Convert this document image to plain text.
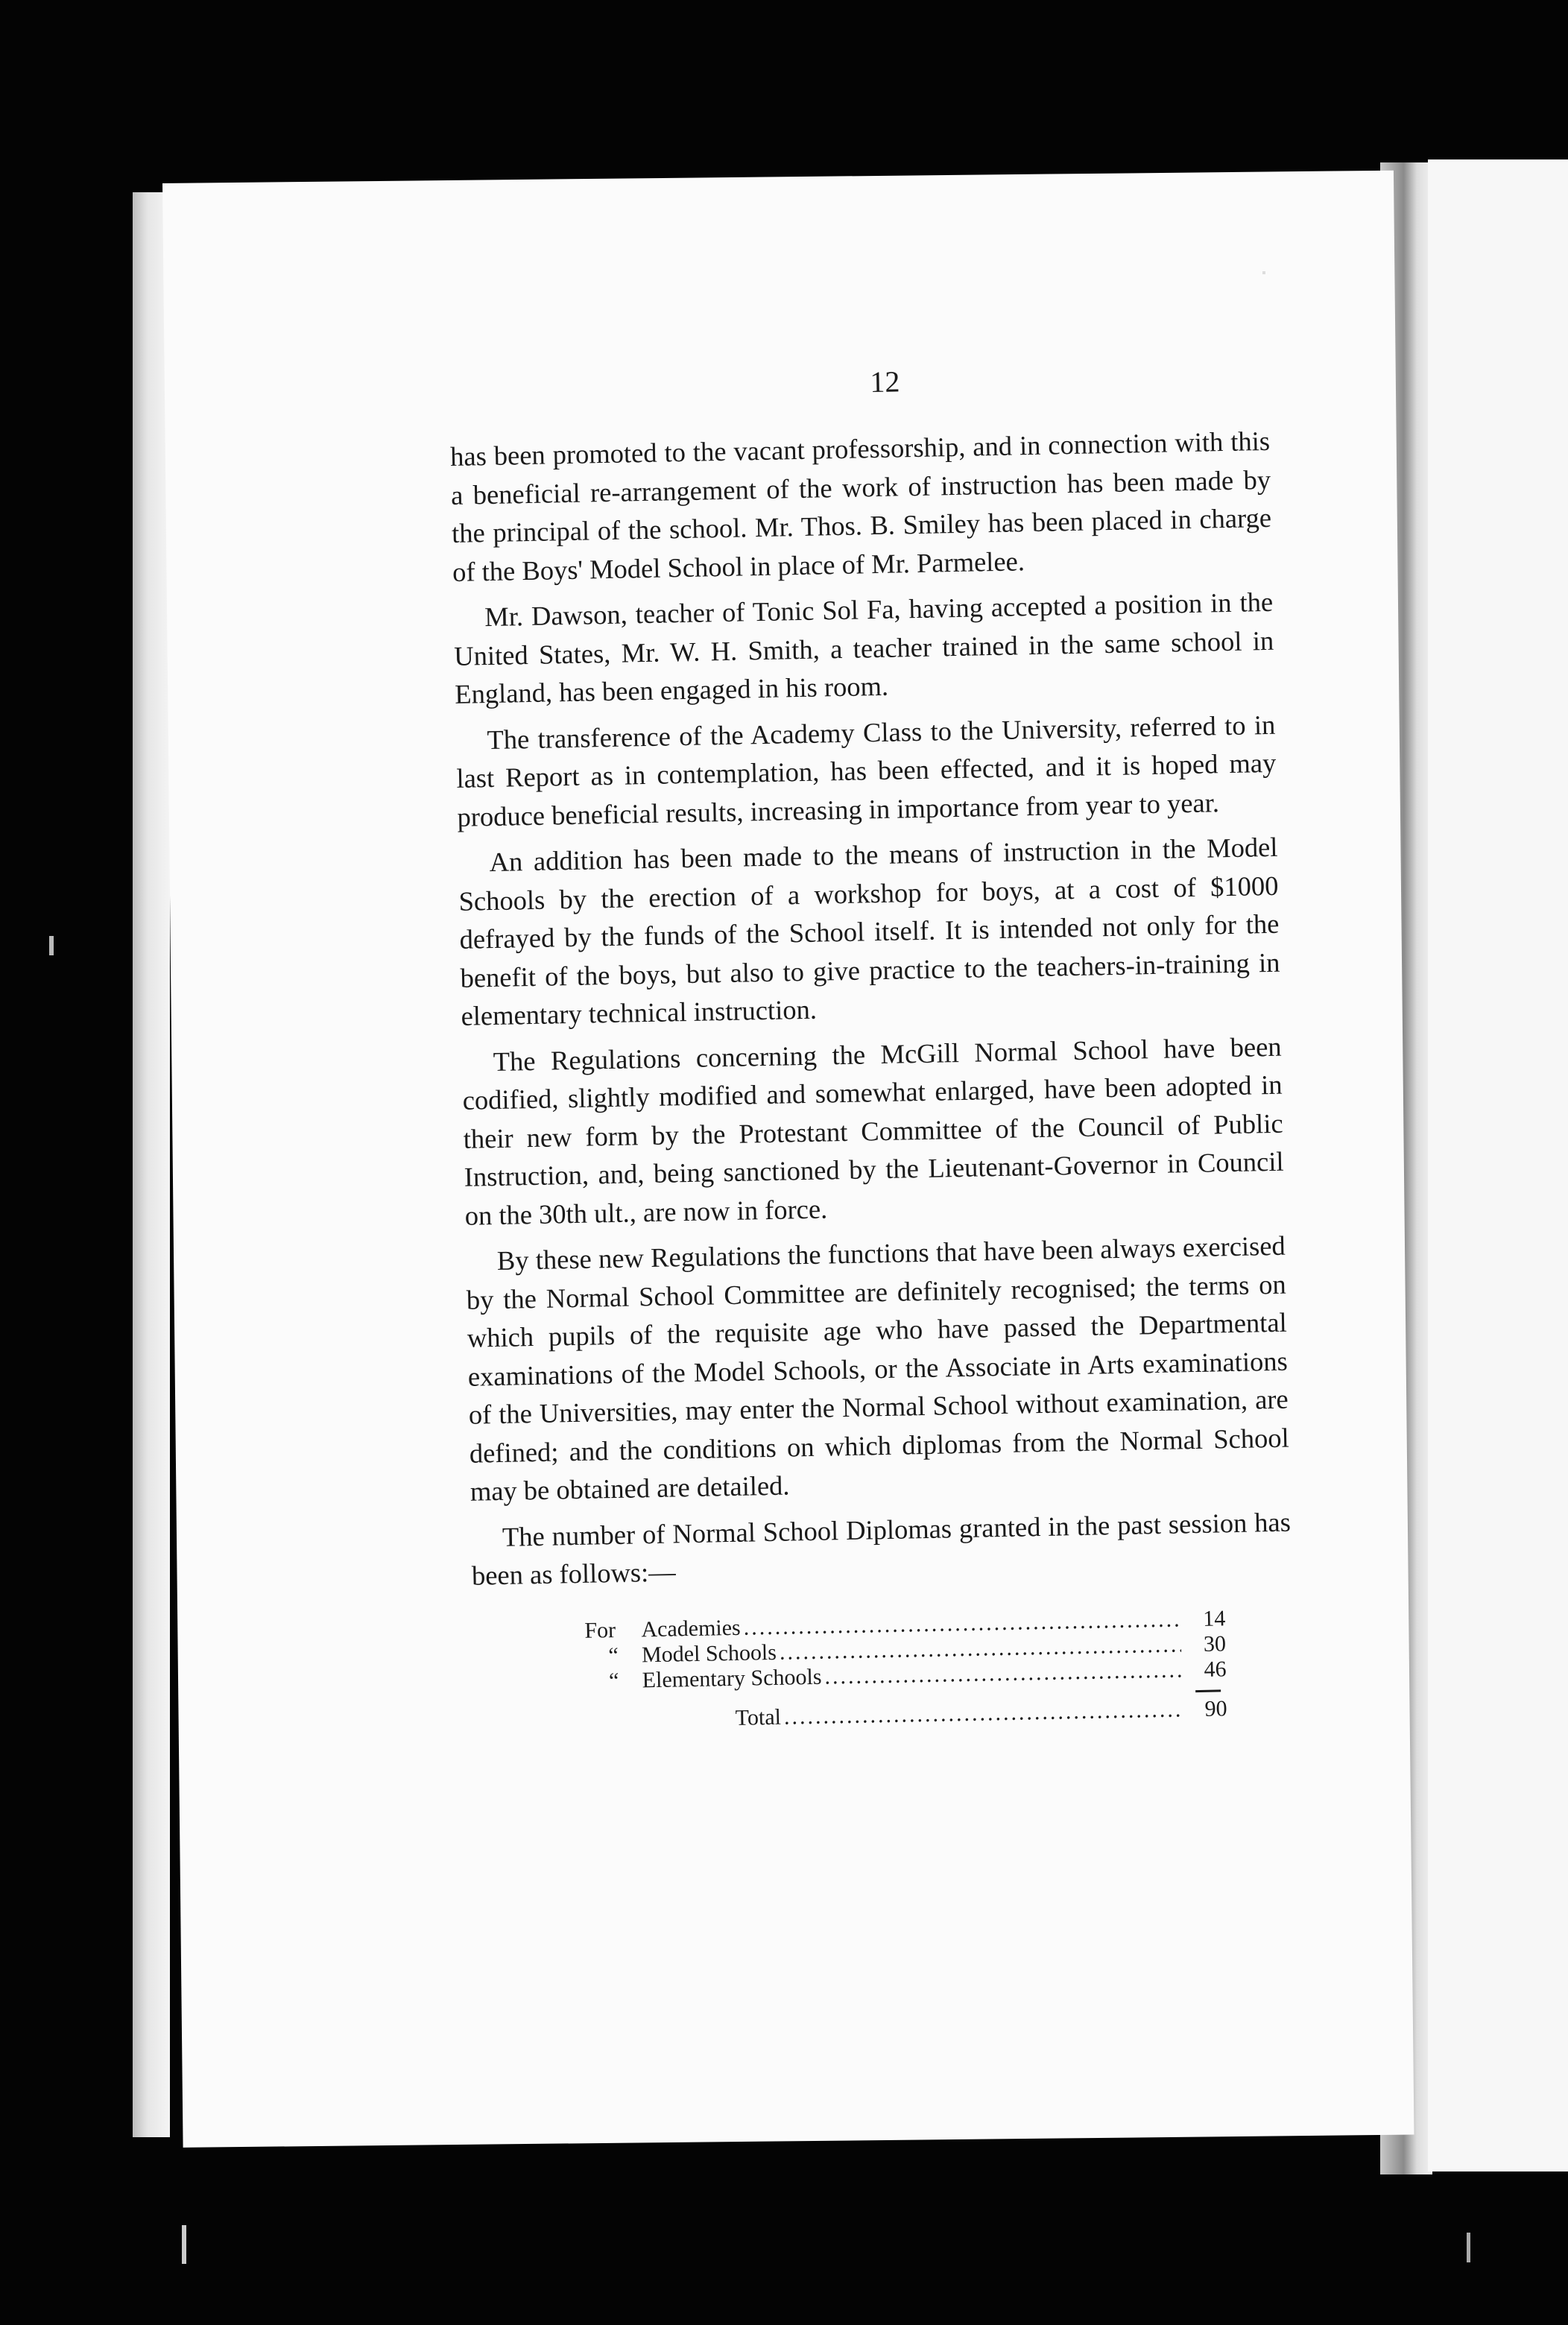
12

has been promoted to the vacant professorship, and in connection with this a beneficial re-arrangement of the work of instruction has been made by the principal of the school. Mr. Thos. B. Smiley has been placed in charge of the Boys' Model School in place of Mr. Parmelee.

Mr. Dawson, teacher of Tonic Sol Fa, having accepted a position in the United States, Mr. W. H. Smith, a teacher trained in the same school in England, has been engaged in his room.

The transference of the Academy Class to the University, referred to in last Report as in contemplation, has been effected, and it is hoped may produce beneficial results, increasing in importance from year to year.

An addition has been made to the means of instruction in the Model Schools by the erection of a workshop for boys, at a cost of $1000 defrayed by the funds of the School itself. It is intended not only for the benefit of the boys, but also to give practice to the teachers-in-training in elementary technical instruction.

The Regulations concerning the McGill Normal School have been codified, slightly modified and somewhat enlarged, have been adopted in their new form by the Protestant Committee of the Council of Public Instruction, and, being sanctioned by the Lieutenant-Governor in Council on the 30th ult., are now in force.

By these new Regulations the functions that have been always exercised by the Normal School Committee are definitely recognised; the terms on which pupils of the requisite age who have passed the Departmental examinations of the Model Schools, or the Associate in Arts examinations of the Universities, may enter the Normal School without examination, are defined; and the conditions on which diplomas from the Normal School may be obtained are detailed.

The number of Normal School Diplomas granted in the past session has been as follows:—

For	Academies .....	14
“	Model Schools .....	30
“	Elementary Schools .....	46
Total .....	90
